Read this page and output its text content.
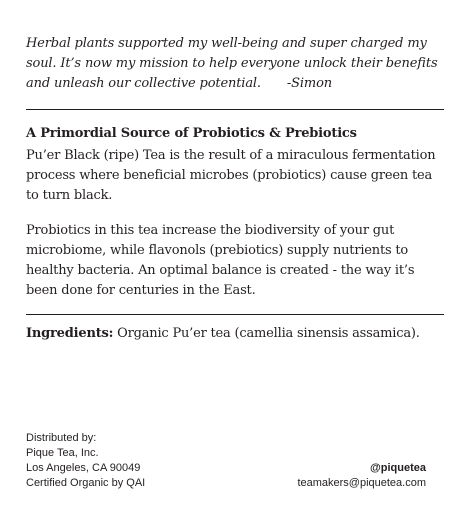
Herbal plants supported my well-being and super charged my soul. It’s now my mission to help everyone unlock their benefits and unleash our collective potential. -Simon

A Primordial Source of Probiotics & Prebiotics

Pu’er Black (ripe) Tea is the result of a miraculous fermentation process where beneficial microbes (probiotics) cause green tea to turn black.

Probiotics in this tea increase the biodiversity of your gut microbiome, while flavonols (prebiotics) supply nutrients to healthy bacteria. An optimal balance is created - the way it’s been done for centuries in the East.

Ingredients: Organic Pu’er tea (camellia sinensis assamica).

Distributed by:
Pique Tea, Inc.
Los Angeles, CA 90049
Certified Organic by QAI
@piquetea
teamakers@piquetea.com
